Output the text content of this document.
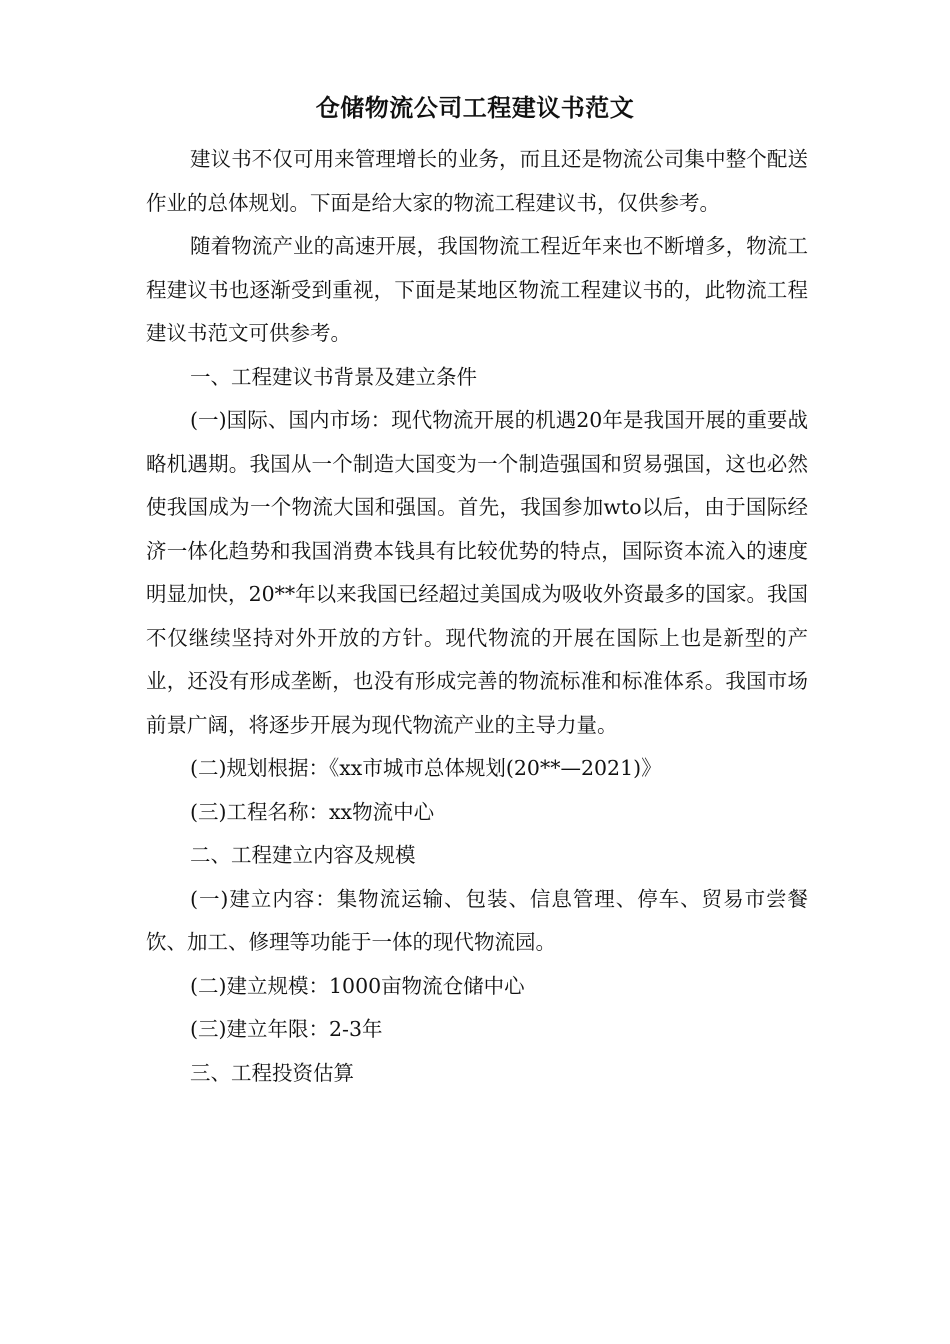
仓储物流公司工程建议书范文

建议书不仅可用来管理增长的业务，而且还是物流公司集中整个配送作业的总体规划。下面是给大家的物流工程建议书，仅供参考。

随着物流产业的高速开展，我国物流工程近年来也不断增多，物流工程建议书也逐渐受到重视，下面是某地区物流工程建议书的，此物流工程建议书范文可供参考。

一、工程建议书背景及建立条件

(一)国际、国内市场：现代物流开展的机遇20年是我国开展的重要战略机遇期。我国从一个制造大国变为一个制造强国和贸易强国，这也必然使我国成为一个物流大国和强国。首先，我国参加wto以后，由于国际经济一体化趋势和我国消费本钱具有比较优势的特点，国际资本流入的速度明显加快，20**年以来我国已经超过美国成为吸收外资最多的国家。我国不仅继续坚持对外开放的方针。现代物流的开展在国际上也是新型的产业，还没有形成垄断，也没有形成完善的物流标准和标准体系。我国市场前景广阔，将逐步开展为现代物流产业的主导力量。

(二)规划根据：《xx市城市总体规划(20**—2021)》

(三)工程名称：xx物流中心

二、工程建立内容及规模

(一)建立内容：集物流运输、包装、信息管理、停车、贸易市尝餐饮、加工、修理等功能于一体的现代物流园。

(二)建立规模：1000亩物流仓储中心

(三)建立年限：2-3年

三、工程投资估算
